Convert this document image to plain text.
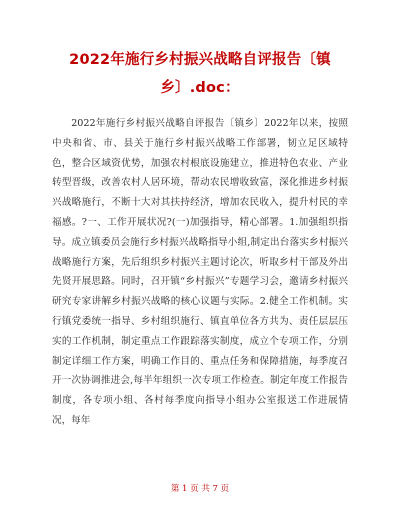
2022年施行乡村振兴战略自评报告〔镇乡〕.doc：

2022年施行乡村振兴战略自评报告〔镇乡〕2022年以来，按照中央和省、市、县关于施行乡村振兴战略工作部署，韧立足区域特色，整合区域资优势，加强农村根底设施建立，推进特色农业、产业转型晋级，改善农村人居环境，帮动农民增收致富，深化推进乡村振兴战略施行，不断十大对其扶持经济，增加农民收入，提升村民的幸福感。?一、工作开展状况?(一)加强指导，精心部署。1.加强组织指导。成立镇委员会施行乡村振兴战略指导小组,制定出台落实乡村振兴战略施行方案，先后组织乡村振兴主题讨论次，听取乡村干部及外出先贤开展思路。同时，召开镇“乡村振兴”专题学习会，邀请乡村振兴研究专家讲解乡村振兴战略的核心议题与实际。2.健全工作机制。实行镇党委统一指导、乡村组织施行、镇直单位各方共为、责任层层压实的工作机制，制定重点工作跟踪落实制度，成立个专项工作，分别制定详细工作方案，明确工作目的、重点任务和保障措施，每季度召开一次协调推进会,每半年组织一次专项工作检查。制定年度工作报告制度，各专项小组、各村每季度向指导小组办公室报送工作进展情况，每年

第 1 页 共 7 页
